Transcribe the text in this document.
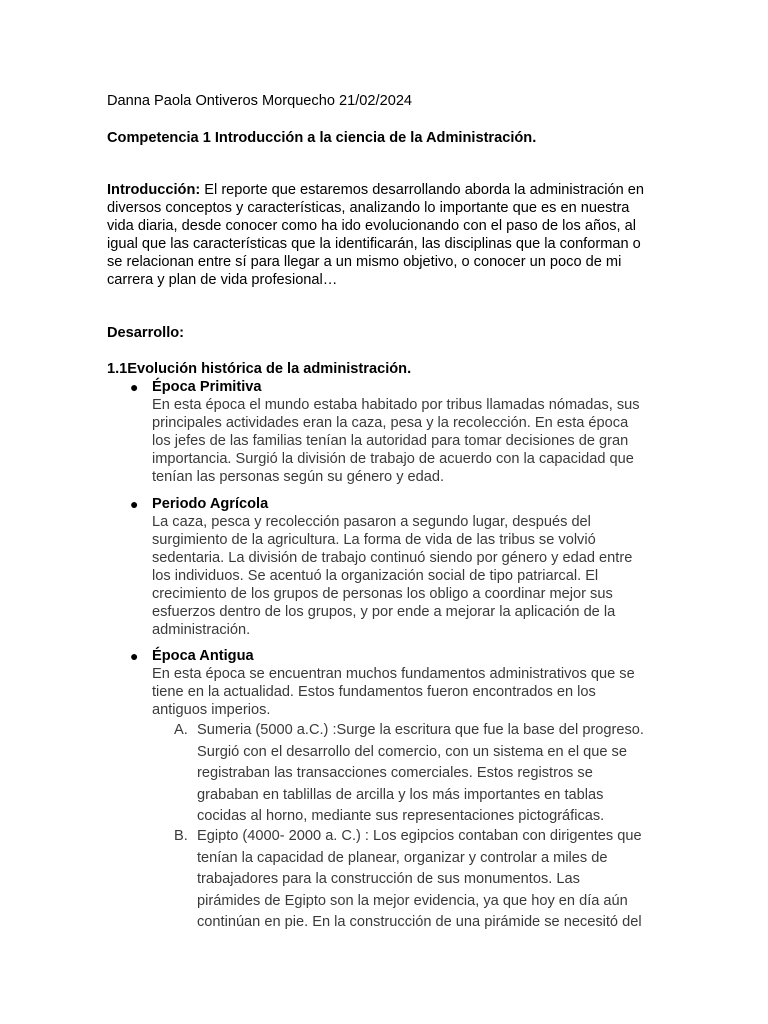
Danna Paola Ontiveros Morquecho 21/02/2024
Competencia 1 Introducción a la ciencia de la Administración.

Introducción: El reporte que estaremos desarrollando aborda la administración en

diversos conceptos y características, analizando lo importante que es en nuestra

vida diaria, desde conocer como ha ido evolucionando con el paso de los años, al

igual que las características que la identificarán, las disciplinas que la conforman o

se relacionan entre sí para llegar a un mismo objetivo, o conocer un poco de mi

carrera y plan de vida profesional…

Desarrollo:
1.1Evolución histórica de la administración.
● Época Primitiva

En esta época el mundo estaba habitado por tribus llamadas nómadas, sus

principales actividades eran la caza, pesa y la recolección. En esta época

los jefes de las familias tenían la autoridad para tomar decisiones de gran

importancia. Surgió la división de trabajo de acuerdo con la capacidad que

tenían las personas según su género y edad.

● Periodo Agrícola

La caza, pesca y recolección pasaron a segundo lugar, después del

surgimiento de la agricultura. La forma de vida de las tribus se volvió

sedentaria. La división de trabajo continuó siendo por género y edad entre

los individuos. Se acentuó la organización social de tipo patriarcal. El

crecimiento de los grupos de personas los obligo a coordinar mejor sus

esfuerzos dentro de los grupos, y por ende a mejorar la aplicación de la

administración.

● Época Antigua

En esta época se encuentran muchos fundamentos administrativos que se

tiene en la actualidad. Estos fundamentos fueron encontrados en los

antiguos imperios.

A. Sumeria (5000 a.C.) :Surge la escritura que fue la base del progreso.

Surgió con el desarrollo del comercio, con un sistema en el que se

registraban las transacciones comerciales. Estos registros se

grababan en tablillas de arcilla y los más importantes en tablas

cocidas al horno, mediante sus representaciones pictográficas.

B. Egipto (4000- 2000 a. C.) : Los egipcios contaban con dirigentes que

tenían la capacidad de planear, organizar y controlar a miles de

trabajadores para la construcción de sus monumentos. Las

pirámides de Egipto son la mejor evidencia, ya que hoy en día aún

continúan en pie. En la construcción de una pirámide se necesitó del
